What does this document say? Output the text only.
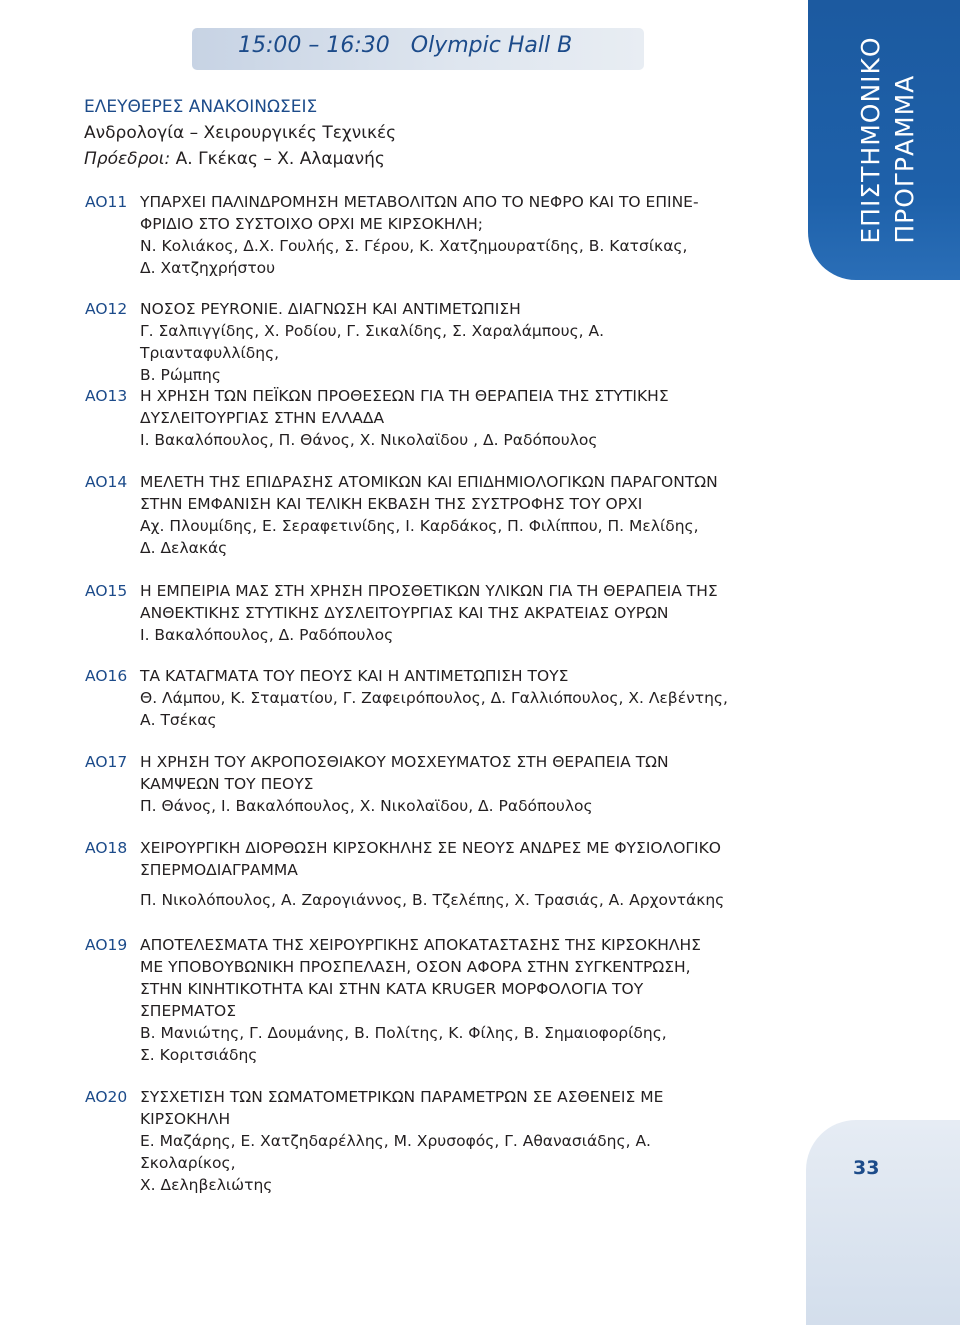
15:00 – 16:30 Olympic Hall B	ΕΠΙΣΤΗΜΟΝΙΚΟ ΠΡΟΓΡΑΜΜΑ
ΕΛΕΥΘΕΡΕΣ ΑΝΑΚΟΙΝΩΣΕΙΣ
Ανδρολογία – Χειρουργικές Τεχνικές
Πρόεδροι: Α. Γκέκας – Χ. Αλαμανής
AO11 ΥΠΑΡΧΕΙ ΠΑΛΙΝΔΡΟΜΗΣΗ ΜΕΤΑΒΟΛΙΤΩΝ ΑΠΟ ΤΟ ΝΕΦΡΟ ΚΑΙ ΤΟ ΕΠΙΝΕ-
ΦΡΙΔΙΟ ΣΤΟ ΣΥΣΤΟΙΧΟ ΟΡΧΙ ΜΕ ΚΙΡΣΟΚΗΛΗ;
Ν. Κολιάκος, Δ.Χ. Γουλής, Σ. Γέρου, Κ. Χατζημουρατίδης, Β. Κατσίκας,
Δ. Χατζηχρήστου
AO12 ΝΟΣΟΣ PEYRONIE. ΔΙΑΓΝΩΣΗ ΚΑΙ ΑΝΤΙΜΕΤΩΠΙΣΗ
Γ. Σαλπιγγίδης, Χ. Ροδίου, Γ. Σικαλίδης, Σ. Χαραλάμπους, Α. Τριανταφυλλίδης,
Β. Ρώμπης
AO13 Η ΧΡΗΣΗ ΤΩΝ ΠΕΪΚΩΝ ΠΡΟΘΕΣΕΩΝ ΓΙΑ ΤΗ ΘΕΡΑΠΕΙΑ ΤΗΣ ΣΤΥΤΙΚΗΣ
ΔΥΣΛΕΙΤΟΥΡΓΙΑΣ ΣΤΗΝ ΕΛΛΑΔΑ
Ι. Βακαλόπουλος, Π. Θάνος, Χ. Νικολαϊδου , Δ. Ραδόπουλος
AO14 ΜΕΛΕΤΗ ΤΗΣ ΕΠΙΔΡΑΣΗΣ ΑΤΟΜΙΚΩΝ ΚΑΙ ΕΠΙΔΗΜΙΟΛΟΓΙΚΩΝ ΠΑΡΑΓΟΝΤΩΝ
ΣΤΗΝ ΕΜΦΑΝΙΣΗ ΚΑΙ ΤΕΛΙΚΗ ΕΚΒΑΣΗ ΤΗΣ ΣΥΣΤΡΟΦΗΣ ΤΟΥ ΟΡΧΙ
Αχ. Πλουμίδης, Ε. Σεραφετινίδης, Ι. Καρδάκος, Π. Φιλίππου, Π. Μελίδης,
Δ. Δελακάς
AO15 Η ΕΜΠΕΙΡΙΑ ΜΑΣ ΣΤΗ ΧΡΗΣΗ ΠΡΟΣΘΕΤΙΚΩΝ ΥΛΙΚΩΝ ΓΙΑ ΤΗ ΘΕΡΑΠΕΙΑ ΤΗΣ
ΑΝΘΕΚΤΙΚΗΣ ΣΤΥΤΙΚΗΣ ΔΥΣΛΕΙΤΟΥΡΓΙΑΣ ΚΑΙ ΤΗΣ ΑΚΡΑΤΕΙΑΣ ΟΥΡΩΝ
Ι. Βακαλόπουλος, Δ. Ραδόπουλος
AO16 ΤΑ ΚΑΤΑΓΜΑΤΑ ΤΟΥ ΠΕΟΥΣ ΚΑΙ Η ΑΝΤΙΜΕΤΩΠΙΣΗ ΤΟΥΣ
Θ. Λάμπου, Κ. Σταματίου, Γ. Ζαφειρόπουλος, Δ. Γαλλιόπουλος, Χ. Λεβέντης,
Α. Τσέκας
AO17 Η ΧΡΗΣΗ ΤΟΥ ΑΚΡΟΠΟΣΘΙΑΚΟΥ ΜΟΣΧΕΥΜΑΤΟΣ ΣΤΗ ΘΕΡΑΠΕΙΑ ΤΩΝ
ΚΑΜΨΕΩΝ ΤΟΥ ΠΕΟΥΣ
Π. Θάνος, Ι. Βακαλόπουλος, Χ. Νικολαϊδου, Δ. Ραδόπουλος
AO18 ΧΕΙΡΟΥΡΓΙΚΗ ΔΙΟΡΘΩΣΗ ΚΙΡΣΟΚΗΛΗΣ ΣΕ ΝΕΟΥΣ ΑΝΔΡΕΣ ΜΕ ΦΥΣΙΟΛΟΓΙΚΟ
ΣΠΕΡΜΟΔΙΑΓΡΑΜΜΑ
Π. Νικολόπουλος, Α. Ζαρογιάννος, Β. Τζελέπης, Χ. Τρασιάς, Α. Αρχοντάκης
AO19 ΑΠΟΤΕΛΕΣΜΑΤΑ ΤΗΣ ΧΕΙΡΟΥΡΓΙΚΗΣ ΑΠΟΚΑΤΑΣΤΑΣΗΣ ΤΗΣ ΚΙΡΣΟΚΗΛΗΣ
ΜΕ ΥΠΟΒΟΥΒΩΝΙΚΗ ΠΡΟΣΠΕΛΑΣΗ, ΟΣΟΝ ΑΦΟΡΑ ΣΤΗΝ ΣΥΓΚΕΝΤΡΩΣΗ,
ΣΤΗΝ ΚΙΝΗΤΙΚΟΤΗΤΑ ΚΑΙ ΣΤΗΝ ΚΑΤΑ KRUGER ΜΟΡΦΟΛΟΓΙΑ ΤΟΥ
ΣΠΕΡΜΑΤΟΣ
Β. Μανιώτης, Γ. Δουμάνης, Β. Πολίτης, Κ. Φίλης, Β. Σημαιοφορίδης,
Σ. Κοριτσιάδης
AO20 ΣΥΣΧΕΤΙΣΗ ΤΩΝ ΣΩΜΑΤΟΜΕΤΡΙΚΩΝ ΠΑΡΑΜΕΤΡΩΝ ΣΕ ΑΣΘΕΝΕΙΣ ΜΕ
ΚΙΡΣΟΚΗΛΗ
Ε. Μαζάρης, Ε. Χατζηδαρέλλης, Μ. Χρυσοφός, Γ. Αθανασιάδης, Α. Σκολαρίκος,
Χ. Δεληβελιώτης
33
